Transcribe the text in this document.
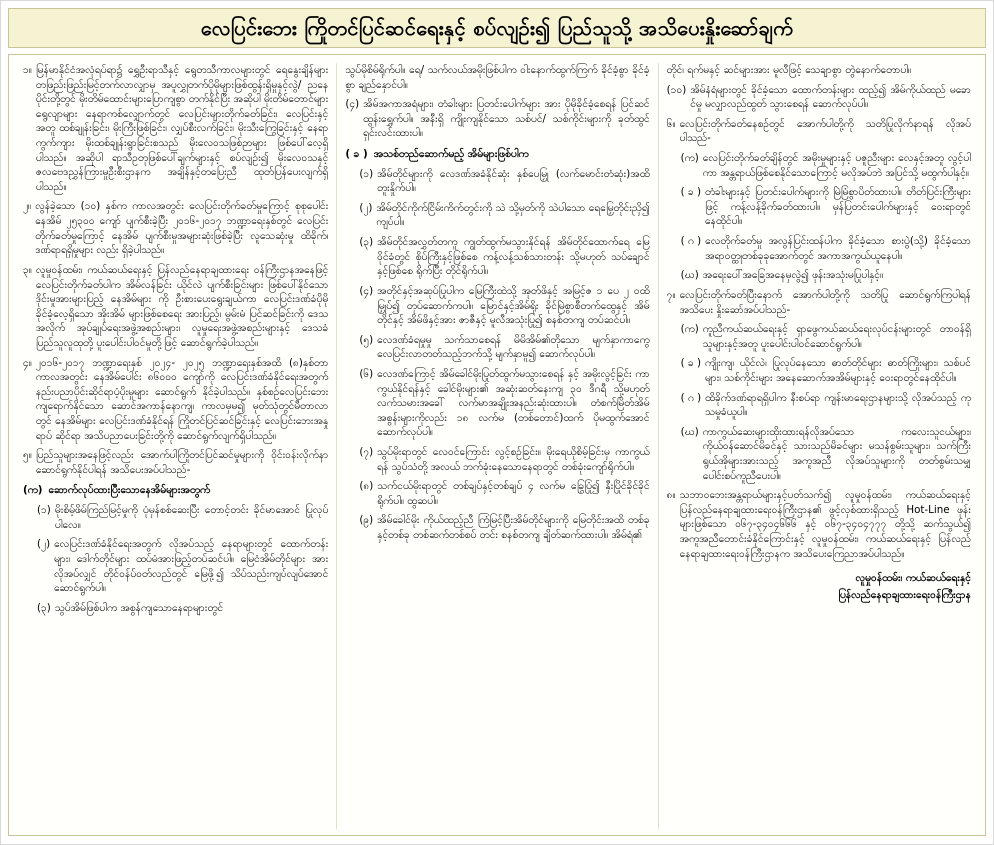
လေပြင်းဘေး ကြိုတင်ပြင်ဆင်ရေးနှင့် စပ်လျဉ်း၍ ပြည်သူသို့ အသိပေးနှိုးဆော်ချက်
၁။ မြန်မာနိုင်ငံအလုံရပ်ရာ၌ ရွှေဦးရာသီနှင့် ရွေတသီကာလများတွင် ရေနွေးချိန်များ တဖြည်းဖြည်းမြင့်တက်လာလျှာမှ အပူလွှုတက်ပိုမိုများဖြစ်ထွန်းရှိမှုနှင့်လွဲ/ ညနေပိုင်းတို့တွင် မိုးတိမ်ထောင်းများပြောကျစွာ တက်နိုင်ပြီး အဆိုပါ မိုးတိမ်တောင်များရွေလျာများ နေရာကစ်လျှောက်တွင် လေပြင်းများတိုက်ခတ်ခြင်း၊ လေပြင်းနှင့်အတူ ထစ်ချုန်းခြင်း၊ မိုးကြီးဖြစ်ခြင်း၊ လျှပ်စီးလက်ခြင်း၊ မိုးသီးကြွေခြင်းနှင့် နေရာကွက်ကျား မိုးထစ်ချုန်းရွာခြင်းစသည် မိုးလေဝသဖြစ်ဉာများ ဖြစ်ပေါ်လေ့ရှိပါသည်။ အဆိုပါ ရာသီဥတုဖြစ်ပေါ်ချက်များနှင့် စပ်လျဉ်း၍ မိုးလေဝသနှင့် ဇလဗေဒညွှန်ကြားမှုဦးစီးဌာနက အချိန်နှင့်တပြေးညီ ထုတ်ပြန်ပေးလျက်ရှိပါသည်။
၂။ လွန်ခဲ့သော (၁၀) နှစ်က ကာလအတွင်း လေပြင်းတိုက်ခတ်မှုကြောင့် စုစုပေါင်းနေအိမ် ၂၅၃၀၀ ကျော် ပျက်စီးခဲ့ပြီး ၂၀၁၆-၂၀၁၇ ဘဏ္ဍာရေးနှစ်တွင် လေပြင်းတိုက်ခတ်မှုကြောင့် နေအိမ် ပျက်စီးမှုအများဆုံးဖြစ်ခဲ့ပြီး လူသေဆုံးမှု ထိခိုက်၊ ဒဏ်ရာရရှိမှုများ လည်း ရှိခဲ့ပါသည်။
၃။ လူမှုဝန်ထမ်း၊ ကယ်ဆယ်ရေးနှင့် ပြန်လည်နေရာချထားရေး ဝန်ကြီးဌာနအနေဖြင့် လေပြင်းတိုက်ခတ်ပါက အိမ်လန်ခြင်း ယိုင်လဲ ပျက်စီးခြင်းများ ဖြစ်ပေါ်နိုင်သော ဒိုင်းမှုအားများပြည့် နေအိမ်များ ကို ဦးစားပေးရွေးချယ်ကာ လေပြင်းဒဏ်ခံပိုမိုခိုင်ခံ့လေ့ရှိသော အိုးအိမ် များဖြစ်စေရေး အားပြည့်၊ မွမ်းမံ ပြင်ဆင်ခြင်းကို ဒေသအလိုက် အုပ်ချုပ်ရေးအဖွဲ့အစည်းများ၊ လူမှုရေးအဖွဲ့အစည်းများနှင့် ဒေသခံပြည်သူလူထုတို့ ပူးပေါင်းပါဝင်မှုတို့ဖြင့် ဆောင်ရွက်ခဲ့ပါသည်။
၄။ ၂၀၁၆-၂၀၁၇ ဘဏ္ဍာရေးနှစ် ၂၀၂၄- ၂၀၂၅ ဘဏ္ဍာရေးနှစ်အထိ (၈)နှစ်တာကာလအတွင်း နေအိမ်ပေါင်း ၈၆၀၀၀ ကျော်ကို လေပြင်းဒဏ်ခံနိုင်ရေးအတွက် နည်းပညာပိုင်းဆိုင်ရာပံ့ပိုးမှုများ ဆောင်ရွက် နိုင်ခဲ့ပါသည်။ နှစ်စဉ်လေပြင်းဘေးကျရောက်နိုင်သော ဆောင်အကာန်နောကျ၊ ကာလမှမ၍ မုတ်သုံတွင်မီတာလာတွင် နေအိမ်များ လေပြင်းဒဏ်ခံနိုင်ရန် ကြိုတင်ပြင်ဆင်ခြင်းနှင့် လေပြင်းဘေးအနှုရာပ် ဆိုင်ရာ အသိပညာပေးခြင်းတို့ကို ဆောင်ရွက်လျက်ရှိပါသည်။
၅။ ပြည်သူများအနေဖြင့်လည်း အောက်ပါကြိုတင်ပြင်ဆင်မှုများကို ဝိုင်းဝန်းလိုက်နာ ဆောင်ရွက်နိုင်ပါရန် အသိပေးအပ်ပါသည်-
(က) ဆောက်လုပ်ထားပြီးသောနေအိမ်များအတွက်
(၁) မိုးစိမ့်ဖိမ်ကြည်မြင့်မှုကို ပုံမှန်စစ်ဆေးပြီး တောင့်တင်း ခိုင်မာအောင် ပြုလုပ်ပါလေ။
(၂) လေပြင်းဒဏ်ခံနိုင်ရေးအတွက် လိုအပ်သည့် နေရာများတွင် ထောက်တန်းများ၊ ဒေါက်တိုင်များ ထပ်မံအားဖြည့်တပ်ဆင်ပါ။ မြေငံအိမ်တိုင်များ အား လိုအပ်လျှင် တိုင်ဝန်ပ်ဝတ်လည်တွင် မြေဖို့၍ သိပ်သည်းကျပ်လျပ်အောင် ဆောင်ရွက်ပါ။
(၃) သွပ်အိမ်ဖြစ်ပါက အစွန်ကျသောနေရာများတွင်

သွပ်မိုစိမ်ရိုက်ပါ။ ရေ/ သက်လယ်အမိုးဖြစ်ပါက ဝါးနောက်ထွက်ကြက် ခိုင်ခံ့စွာ ခိုင်ခံ့စွာ ချည်နှောင်ပါ။

(၄) အိမ်အကာအရံများ၊ တံခါးများ ပြတင်းပေါက်များ အား ပိုမိုခိုင်ခံ့စေရန် ပြင်ဆင်ထွန်းရွှေက်ပါ။ အနီးရှိ ကျိုးကျနိုင်သော သစ်ပင်/ သစ်ကိုင်းများကို ခုတ်ထွင်ရှင်းလင်းထားပါ။
( ခ ) အသစ်တည်ဆောက်မည့် အိမ်များဖြစ်ပါက
(၁) အိမ်တိုင်များကို လေဒဏ်အခံနိုင်ဆုံး နှစ်ပေမြှု (လက်မောင်းတံဆုံး)အထိ တူးနှိုက်ပါ။
(၂) အိမ်တိုင်ကိုက်ငြိမ်းကိက်တွင်းကို သဲ သို့မှတ်ကို သဲပါသော ရေမြှေတိုင်းညှိ၍ ကျပ်ပါ။
(၃) အိမ်တိုင်အလွှတ်တကူ ကျွတ်ထွက်မသွားနိုင်ရန် အိမ်တိုင်ထောက်ရေ မြေဝိုင်ခံတွင် စိုပ်ကြီးနှင့်ဖြစ်စေ ကန့်လန့်သစ်သားတန်း သို့မဟုတ် သပ်ချောင်နှင့်ဖြစ်စေ ရိုက်ပြီး တိုင်ရိုက်ပါ။
(၄) အတိုင်နှင့်အဆုပ်ပြုပါက မြေကြီးထဲသို့ အုတ်ဖိနှင့် အမြင့်ဇ ၁ ပေ ၂ ၀ထိ မြှုပ်၍ တုပ်ဆောက်ကပါ။ မြောင်နှင့်အိမ်ရိုး ခိုင်မြဲစွာစီတက်ထွေနှင့် အိမ်တိုင်နှင့် အိမ်ဖိနှင့်အား ဇာဇီနှင့် မူလီအသုံးပြု၍ စနစ်တကျ တပ်ဆင်ပါ။
(၅) လေဒဏ်ခံရမှုမှု သက်သာစေရန် မိမိအိမ်၏တိုသော မျက်နှာကာကွေ လေပြင်းလာတတ်သည့်ဘက်သို့ မျက်နှာမူ၍ ဆောက်လုပ်ပါ။
(၆) လေဒဏ်ကြောင့် အိမ်ခေါင်မိုးပြုတ်ထွက်မသွားစေရန် နှင့် အမိုးလွင့်ခြင်း ကာကွယ်နိုင်ရန်နှင့် ခေါင်မိုးများ၏ အဆုံးဆတ်နေးကျ ၃၀ ဒီဂရီ သို့မဟုတ် လက်သမားအခေါ် လက်မာအချိုးအနည်းဆုံးထားပါ။ တံစက်မြိတ်အိမ် အစွန်းများကိုလည်း ၁၈ လက်မ (တစ်တောင်)ထက် ပိုမထွက်အောင် ဆောက်လုပ်ပါ။
(၇) သွပ်မိုးရာတွင် လေဝင်ကြောင်း လွင့်စဉ်ခြင်း။ မိုးရေယိုစိမ့်ခြင်းမှ ကာကွယ်ရန် သွပ်သံတို့ အလယ် ဘက်ခုံးနေသောနေရာတွင် တစ်ခုံးကျော်ရိုက်ပါ။
(၈) သက်ငယ်မိုးရာတွင် တစ်ချပ်နှင့်တစ်ချပ် ၄ လက်မ ခြွေပြုံ၍ နှီးပြိုင်ခိုင်ခိုင်ရိုက်ပါ။ ထွဆပါ။
(၉) အိမ်ခေါင်မိုး ကိုယ်ထည့်ညီ ကြံမြင့်ပြီးအိမ်တိုင်များကို မြေတိုင်းအထိ တစ်ခုနှင့်တစ်ခု တစ်ဆက်တစ်စပ် တင်း စနစ်တကျ ချိတ်ဆက်ထားပါ။ အိမ်ရံ၏

တိုင်၊ ရက်မနှင့် ဆင်များအား မူလီဖြင့် သေချာစွာ တွဲနောက်တောပါ။

(၁၀) အိမ်နံရံများတွင် ခိုင်ခံ့သော ထောက်တန်းများ ထည့်၍ အိမ်ကိုယ်ထည် မခောင်မှု မလျှာလည်ထွတ် သွားစေရန် ဆောက်လုပ်ပါ။
၆။ လေပြင်းတိုက်ခတ်နေစဉ်တွင် အောက်ပါတို့ကို သတိပြုလိုက်နာရန် လိုအပ်ပါသည်-
(က) လေပြင်းတိုက်ခတ်ချိန်တွင် အမိုးမှုများနှင့် ပဇူညီးများ လေနှင့်အတူ လွင့်ပါကာ အန္တရာယ်ဖြစ်စေနိုင်သောကြောင့် မလိုအပ်ဘဲ အပြင်သို့ မထွက်ပါနှင့်။
( ခ ) တံခါးများနှင့် ပြတင်းပေါက်များကို မြဲမြံစွာပိတ်ထားပါ။ တိတ်ပြင်းကြီးများဖြင့် ကန့်လန့်ခိုက်ခတ်ထားပါ။ မှန်ပြတင်းပေါက်များနှင့် ဝေးရာတွင် နေထိုင်ပါ။
( ဂ ) လေတိုက်ခတ်မှု အလွန်ပြင်းထန်ပါက ခိုင်ခံ့သော စားပွဲ(သို့) ခိုင်ခံ့သော အရာဝတ္ထုတစ်ခုခုအောက်တွင် အကာအကွယ်ယူနေပါ။
(ဃ) အရေးပေါ်အခြေအနေမှလွဲ၍ ဖုန်းအသုံးမပြုပါနှင့်။
၇။ လေပြင်းတိုက်ခတ်ပြီးနောက် အောက်ပါတို့ကို သတိပြု ဆောင်ရွက်ကြပါရန် အသိပေး နှိုးဆော်အပ်ပါသည်-
(က) ကူညီကယ်ဆယ်ရေးနှင့် ရှာဖွေကယ်ဆယ်ရေးလုပ်ငန်းများတွင် တာဝန်ရှိသူများနှင့်အတူ ပူးပေါင်းပါဝင်ဆောင်ရွက်ပါ။
( ခ ) ကျိုးကျ၊ ယိုင်လဲ၊ ပြုလုပ်နေသော ဓာတ်တိုင်များ ဓာတ်ကြိုးများ၊ သစ်ပင်များ၊ သစ်ကိုင်းများ အနေဆောက်အအိမ်များနှင့် ဝေးရာတွင်နေထိုင်ပါ။
( ဂ ) ထိခိုက်ဒဏ်ရာရရှိပါက နီးစပ်ရာ ကျန်းမာရေးဌာနများသို့ လိုအပ်သည့် ကုသမှုခံယူပါ။
(ဃ) ကာကွယ်ဆေးများထိုးထားရန်လိုအပ်သော ကလေးသူငယ်များ၊ ကိုယ်ဝန်ဆောင်မိခင်နှင့် သားသည်မိခင်များ မသန်စွမ်းသူများ၊ သက်ကြီးရွယ်အိုများအားသည့် အကူအညီ လိုအပ်သူများကို တတ်စွမ်းသမျှပေါင်းစပ်ကူညီပေးပါ။
၈။ သဘာဝဘေးအန္တရာယ်များနှင့်ပတ်သက်၍ လူမှုဝန်ထမ်း၊ ကယ်ဆယ်ရေးနှင့် ပြန်လည်နေရာချထားရေးဝန်ကြီးဌာန၏ ဖွင့်လှစ်ထားရှိသည့် Hot-Line ဖုန်းများဖြစ်သော ၀၆၇-၃၄၀၄၆၆၆ နှင့် ၀၆၇-၃၄၀၄၇၇၇ တို့သို့ ဆက်သွယ်၍ အကူအညီတောင်းခံနိုင်ကြောင်းနှင့် လူမှုဝန်ထမ်း၊ ကယ်ဆယ်ရေးနှင့် ပြန်လည်နေရာချထားရေးဝန်ကြီးဌာနက အသိပေးကြေညာအပ်ပါသည်။
လူမှုဝန်ထမ်း၊ ကယ်ဆယ်ရေးနှင့်
ပြန်လည်နေရာချထားရေးဝန်ကြီးဌာန
